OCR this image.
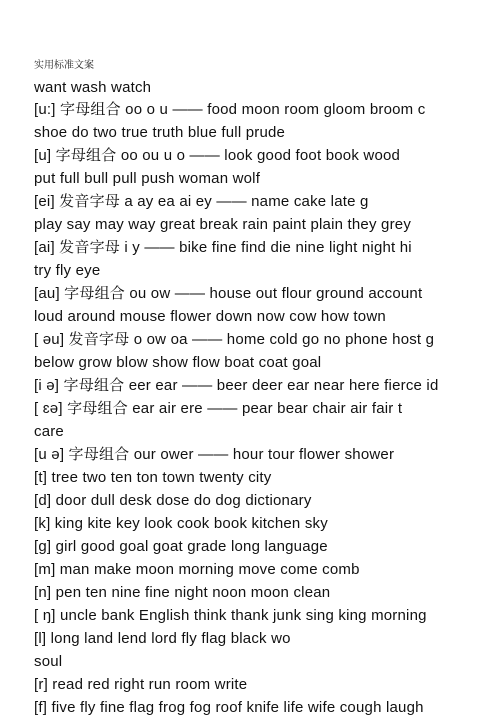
实用标准文案
want wash watch
[u:] 字母组合 oo o u —— food moon room gloom broom c
shoe do two true truth blue full prude
[u] 字母组合 oo ou u o —— look good foot book wood
put full bull pull push woman wolf
[ei] 发音字母 a ay ea ai ey —— name cake late g
play say may way great break rain paint plain they grey
[ai] 发音字母 i y —— bike fine find die nine light night hi
try fly eye
[au] 字母组合 ou ow —— house out flour ground account
loud around mouse flower down now cow how town
[ əu] 发音字母 o ow oa —— home cold go no phone host g
below grow blow show flow boat coat goal
[i ə] 字母组合 eer ear —— beer deer ear near here fierce id
[ ɛə] 字母组合 ear air ere —— pear bear chair air fair t
care
[u ə] 字母组合 our ower —— hour tour flower shower
[t] tree two ten ton town twenty city
[d] door dull desk dose do dog dictionary
[k] king kite key look cook book kitchen sky
[g] girl good goal goat grade long language
[m] man make moon morning move come comb
[n] pen ten nine fine night noon moon clean
[ ŋ] uncle bank English think thank junk sing king morning
[l] long land lend lord fly flag black wo
soul
[r] read red right run room write
[f] five fly fine flag frog fog roof knife life wife cough laugh
